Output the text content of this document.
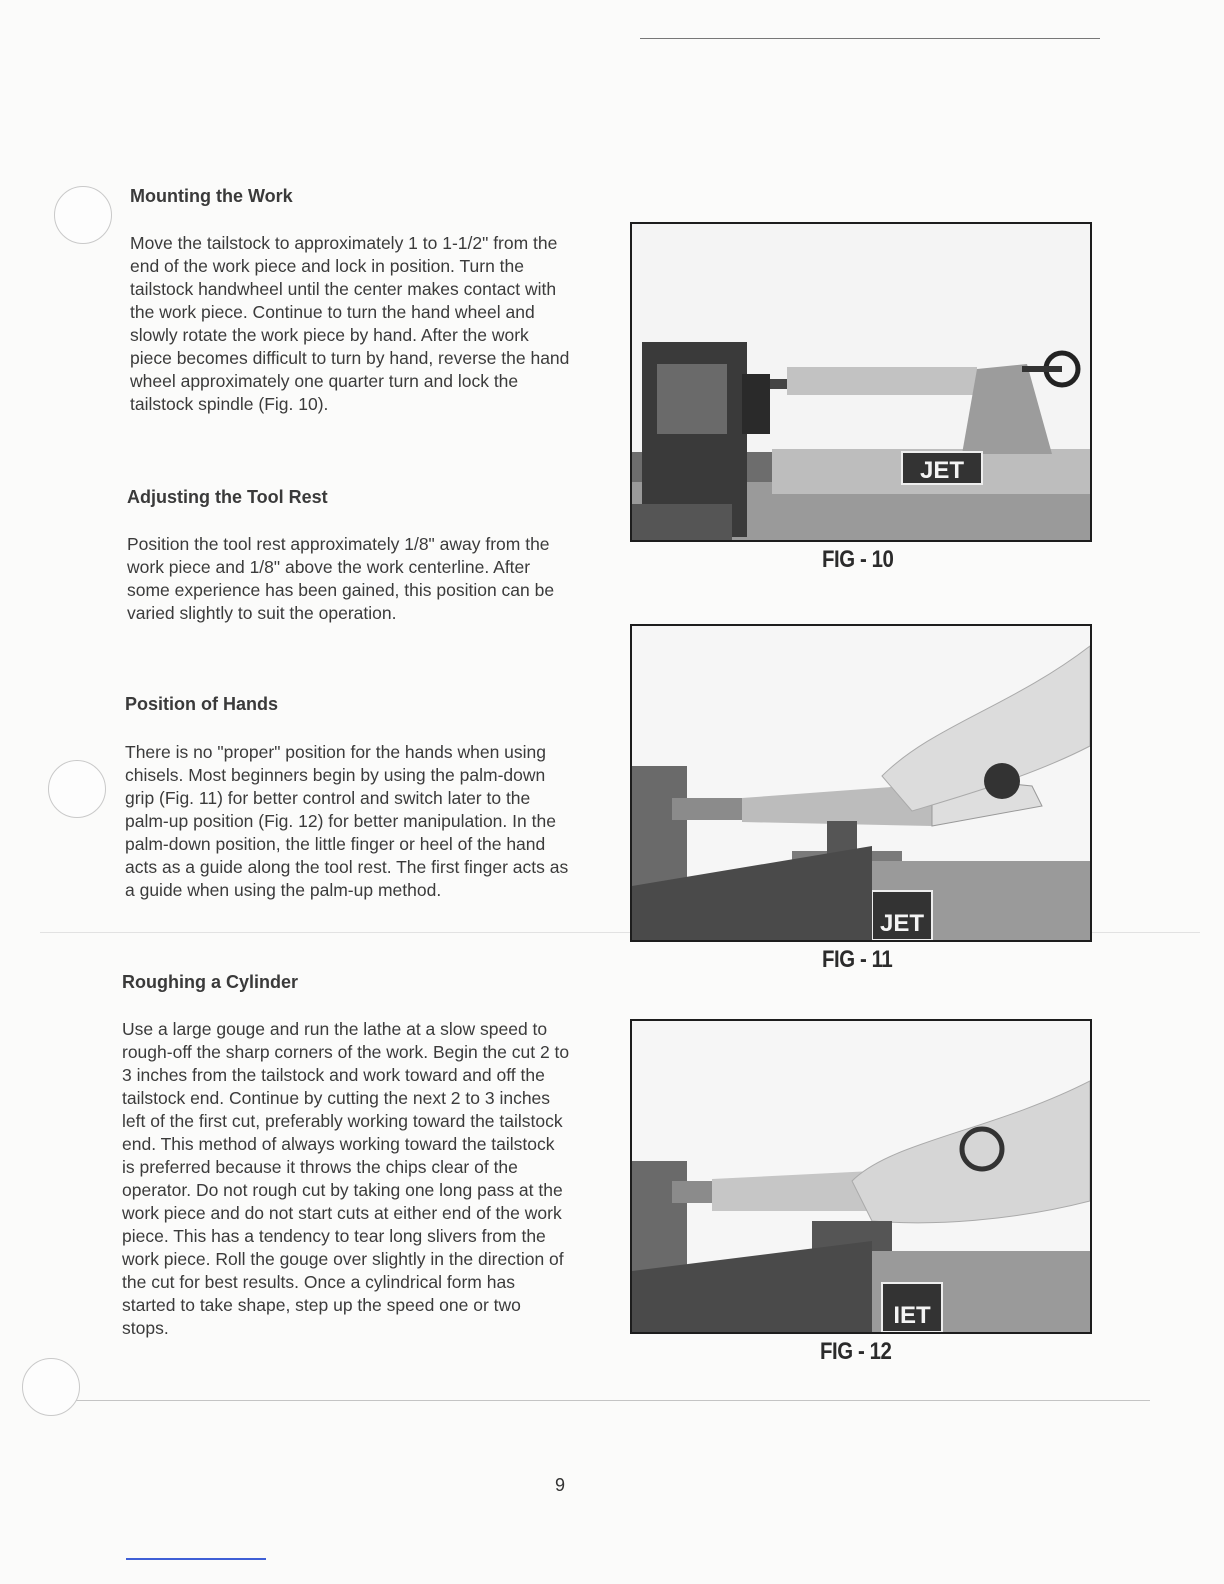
Mounting the Work
Move the tailstock to approximately 1 to 1-1/2" from the end of the work piece and lock in position. Turn the tailstock handwheel until the center makes contact with the work piece. Continue to turn the hand wheel and slowly rotate the work piece by hand. After the work piece becomes difficult to turn by hand, reverse the hand wheel approximately one quarter turn and lock the tailstock spindle (Fig. 10).
Adjusting the Tool Rest
Position the tool rest approximately 1/8" away from the work piece and 1/8" above the work centerline. After some experience has been gained, this position can be varied slightly to suit the operation.
Position of Hands
There is no "proper" position for the hands when using chisels. Most beginners begin by using the palm-down grip (Fig. 11) for better control and switch later to the palm-up position (Fig. 12) for better manipulation. In the palm-down position, the little finger or heel of the hand acts as a guide along the tool rest. The first finger acts as a guide when using the palm-up method.
Roughing a Cylinder
Use a large gouge and run the lathe at a slow speed to rough-off the sharp corners of the work. Begin the cut 2 to 3 inches from the tailstock and work toward and off the tailstock end. Continue by cutting the next 2 to 3 inches left of the first cut, preferably working toward the tailstock end. This method of always working toward the tailstock is preferred because it throws the chips clear of the operator. Do not rough cut by taking one long pass at the work piece and do not start cuts at either end of the work piece. This has a tendency to tear long slivers from the work piece. Roll the gouge over slightly in the direction of the cut for best results. Once a cylindrical form has started to take shape, step up the speed one or two stops.
JET
FIG - 10
JET
FIG - 11
IET
FIG - 12
9
